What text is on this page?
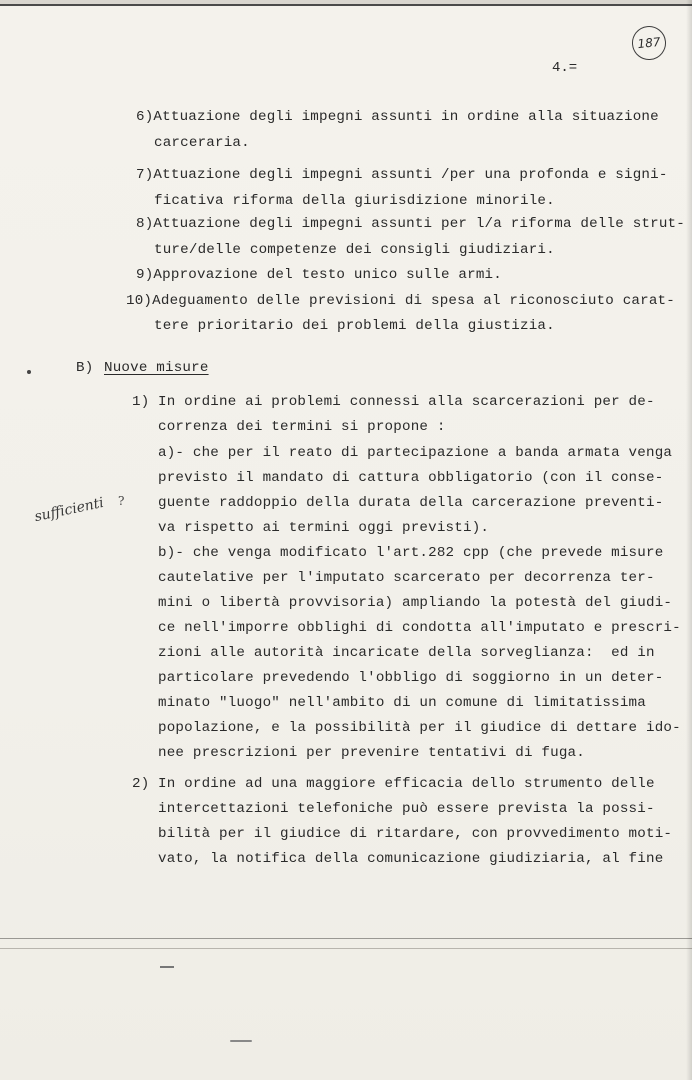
187
4.=
6)Attuazione degli impegni assunti in ordine alla situazione
carceraria.
7)Attuazione degli impegni assunti /per una profonda e signi-
ficativa riforma della giurisdizione minorile.
8)Attuazione degli impegni assunti per l/a riforma delle strut-
ture/delle competenze dei consigli giudiziari.
9)Approvazione del testo unico sulle armi.
10)Adeguamento delle previsioni di spesa al riconosciuto carat-
tere prioritario dei problemi della giustizia.
B) Nuove misure
1) In ordine ai problemi connessi alla scarcerazioni per de-
correnza dei termini si propone :
a)- che per il reato di partecipazione a banda armata venga
previsto il mandato di cattura obbligatorio (con il conse-
guente raddoppio della durata della carcerazione preventi-
va rispetto ai termini oggi previsti).
b)- che venga modificato l'art.282 cpp (che prevede misure
cautelative per l'imputato scarcerato per decorrenza ter-
mini o libertà provvisoria) ampliando la potestà del giudi-
ce nell'imporre obblighi di condotta all'imputato e prescri-
zioni alle autorità incaricate della sorveglianza:  ed in
particolare prevedendo l'obbligo di soggiorno in un deter-
minato "luogo" nell'ambito di un comune di limitatissima
popolazione, e la possibilità per il giudice di dettare ido-
nee prescrizioni per prevenire tentativi di fuga.
2) In ordine ad una maggiore efficacia dello strumento delle
intercettazioni telefoniche può essere prevista la possi-
bilità per il giudice di ritardare, con provvedimento moti-
vato, la notifica della comunicazione giudiziaria, al fine
?
sufficienti
